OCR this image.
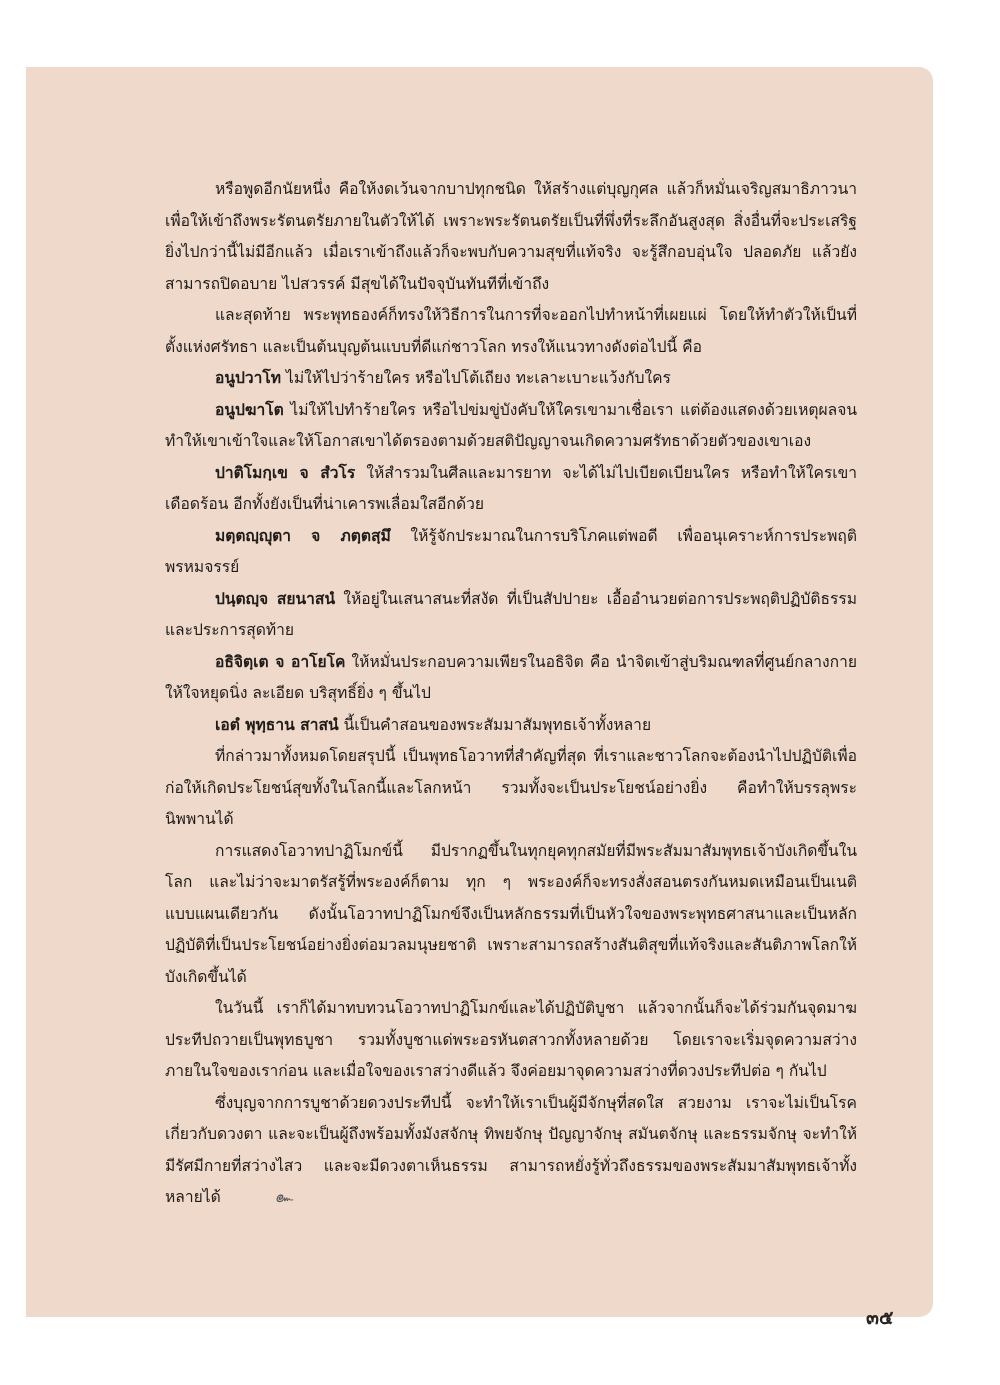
หรือพูดอีกนัยหนึ่ง คือให้งดเว้นจากบาปทุกชนิด ให้สร้างแต่บุญกุศล แล้วก็หมั่นเจริญสมาธิภาวนาเพื่อให้เข้าถึงพระรัตนตรัยภายในตัวให้ได้ เพราะพระรัตนตรัยเป็นที่พึ่งที่ระลึกอันสูงสุด สิ่งอื่นที่จะประเสริฐยิ่งไปกว่านี้ไม่มีอีกแล้ว เมื่อเราเข้าถึงแล้วก็จะพบกับความสุขที่แท้จริง จะรู้สึกอบอุ่นใจ ปลอดภัย แล้วยังสามารถปิดอบาย ไปสวรรค์ มีสุขได้ในปัจจุบันทันทีที่เข้าถึง

และสุดท้าย พระพุทธองค์ก็ทรงให้วิธีการในการที่จะออกไปทำหน้าที่เผยแผ่ โดยให้ทำตัวให้เป็นที่ตั้งแห่งศรัทธา และเป็นต้นบุญต้นแบบที่ดีแก่ชาวโลก ทรงให้แนวทางดังต่อไปนี้ คือ

อนูปวาโท ไม่ให้ไปว่าร้ายใคร หรือไปโต้เถียง ทะเลาะเบาะแว้งกับใคร

อนูปฆาโต ไม่ให้ไปทำร้ายใคร หรือไปข่มขู่บังคับให้ใครเขามาเชื่อเรา แต่ต้องแสดงด้วยเหตุผลจนทำให้เขาเข้าใจและให้โอกาสเขาได้ตรองตามด้วยสติปัญญาจนเกิดความศรัทธาด้วยตัวของเขาเอง

ปาติโมกฺเข จ สํวโร ให้สำรวมในศีลและมารยาท จะได้ไม่ไปเบียดเบียนใคร หรือทำให้ใครเขาเดือดร้อน อีกทั้งยังเป็นที่น่าเคารพเลื่อมใสอีกด้วย

มตฺตญฺญุตา จ ภตฺตสฺมึ ให้รู้จักประมาณในการบริโภคแต่พอดี เพื่ออนุเคราะห์การประพฤติพรหมจรรย์

ปนฺตญฺจ สยนาสนํ ให้อยู่ในเสนาสนะที่สงัด ที่เป็นสัปปายะ เอื้ออำนวยต่อการประพฤติปฏิบัติธรรม และประการสุดท้าย

อธิจิตฺเต จ อาโยโค ให้หมั่นประกอบความเพียรในอธิจิต คือ นำจิตเข้าสู่บริมณฑลที่ศูนย์กลางกาย ให้ใจหยุดนิ่ง ละเอียด บริสุทธิ์ยิ่ง ๆ ขึ้นไป

เอตํ พุทฺธาน สาสนํ นี้เป็นคำสอนของพระสัมมาสัมพุทธเจ้าทั้งหลาย

ที่กล่าวมาทั้งหมดโดยสรุปนี้ เป็นพุทธโอวาทที่สำคัญที่สุด ที่เราและชาวโลกจะต้องนำไปปฏิบัติเพื่อก่อให้เกิดประโยชน์สุขทั้งในโลกนี้และโลกหน้า รวมทั้งจะเป็นประโยชน์อย่างยิ่ง คือทำให้บรรลุพระนิพพานได้

การแสดงโอวาทปาฏิโมกข์นี้ มีปรากฏขึ้นในทุกยุคทุกสมัยที่มีพระสัมมาสัมพุทธเจ้าบังเกิดขึ้นในโลก และไม่ว่าจะมาตรัสรู้ที่พระองค์ก็ตาม ทุก ๆ พระองค์ก็จะทรงสั่งสอนตรงกันหมดเหมือนเป็นเนติแบบแผนเดียวกัน ดังนั้นโอวาทปาฏิโมกข์จึงเป็นหลักธรรมที่เป็นหัวใจของพระพุทธศาสนาและเป็นหลักปฏิบัติที่เป็นประโยชน์อย่างยิ่งต่อมวลมนุษยชาติ เพราะสามารถสร้างสันติสุขที่แท้จริงและสันติภาพโลกให้บังเกิดขึ้นได้

ในวันนี้ เราก็ได้มาทบทวนโอวาทปาฏิโมกข์และได้ปฏิบัติบูชา แล้วจากนั้นก็จะได้ร่วมกันจุดมาฆประทีปถวายเป็นพุทธบูชา รวมทั้งบูชาแด่พระอรหันตสาวกทั้งหลายด้วย โดยเราจะเริ่มจุดความสว่างภายในใจของเราก่อน และเมื่อใจของเราสว่างดีแล้ว จึงค่อยมาจุดความสว่างที่ดวงประทีปต่อ ๆ กันไป

ซึ่งบุญจากการบูชาด้วยดวงประทีปนี้ จะทำให้เราเป็นผู้มีจักษุที่สดใส สวยงาม เราจะไม่เป็นโรคเกี่ยวกับดวงตา และจะเป็นผู้ถึงพร้อมทั้งมังสจักษุ ทิพยจักษุ ปัญญาจักษุ สมันตจักษุ และธรรมจักษุ จะทำให้มีรัศมีกายที่สว่างไสว และจะมีดวงตาเห็นธรรม สามารถหยั่งรู้ทั่วถึงธรรมของพระสัมมาสัมพุทธเจ้าทั้งหลายได้	๛

๓๕
